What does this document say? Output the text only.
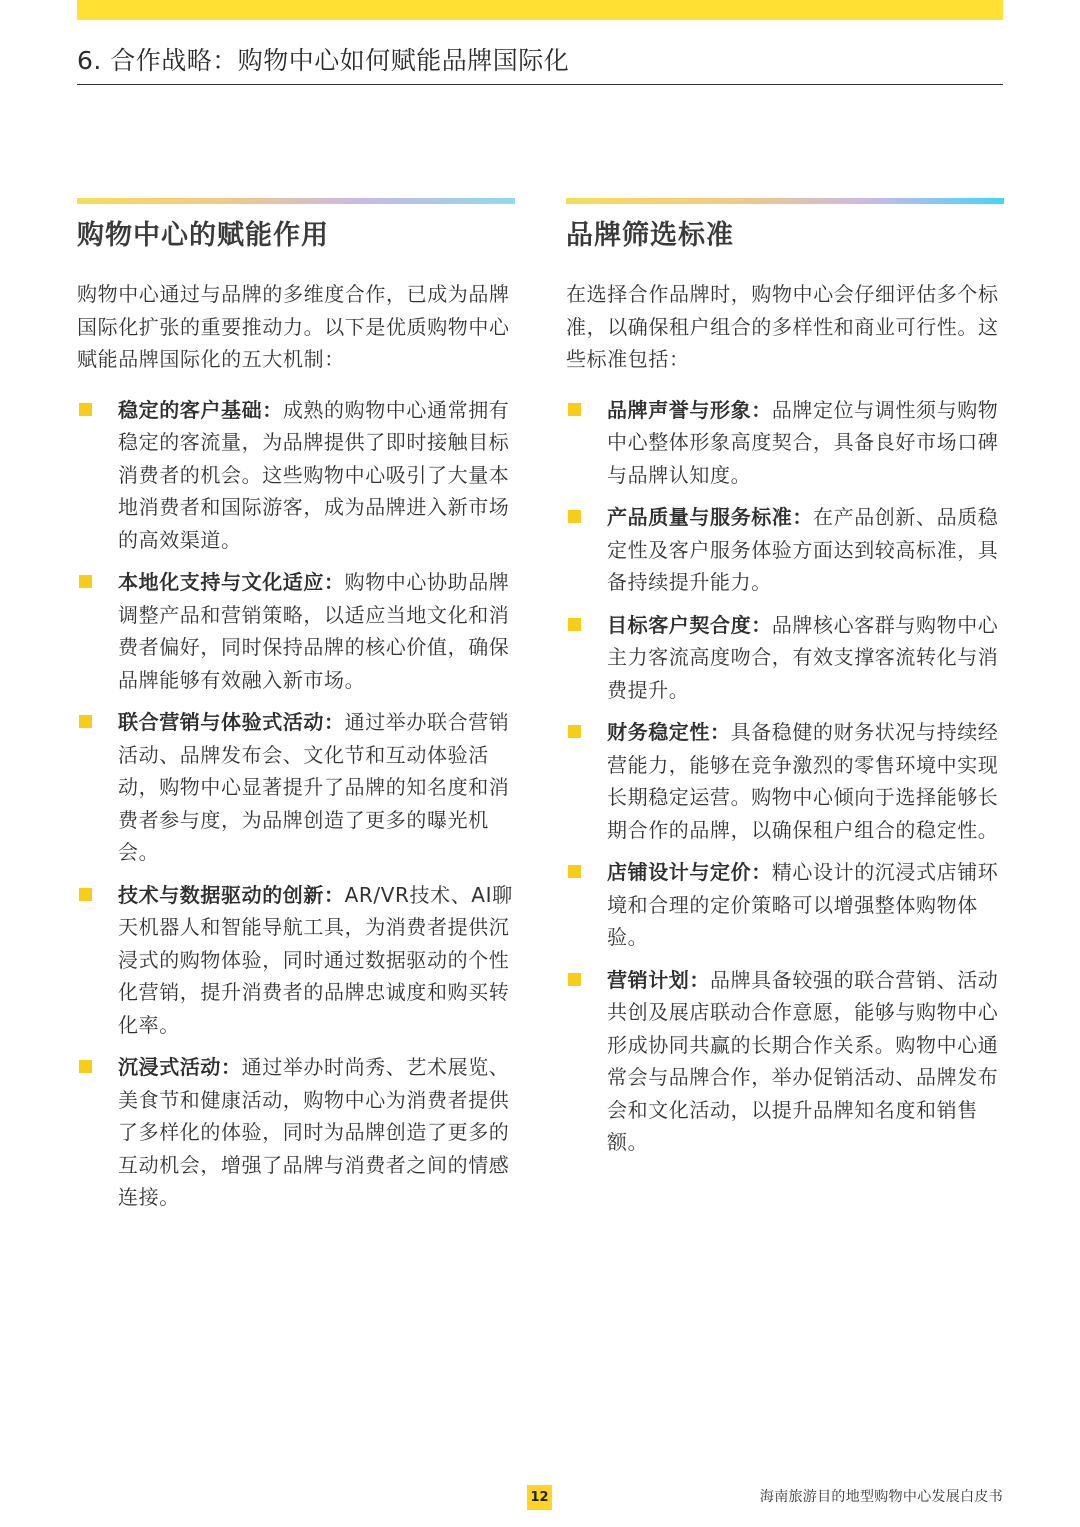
6. 合作战略：购物中心如何赋能品牌国际化
购物中心的赋能作用
购物中心通过与品牌的多维度合作，已成为品牌国际化扩张的重要推动力。以下是优质购物中心赋能品牌国际化的五大机制：
稳定的客户基础：成熟的购物中心通常拥有稳定的客流量，为品牌提供了即时接触目标消费者的机会。这些购物中心吸引了大量本地消费者和国际游客，成为品牌进入新市场的高效渠道。
本地化支持与文化适应：购物中心协助品牌调整产品和营销策略，以适应当地文化和消费者偏好，同时保持品牌的核心价值，确保品牌能够有效融入新市场。
联合营销与体验式活动：通过举办联合营销活动、品牌发布会、文化节和互动体验活动，购物中心显著提升了品牌的知名度和消费者参与度，为品牌创造了更多的曝光机会。
技术与数据驱动的创新：AR/VR技术、AI聊天机器人和智能导航工具，为消费者提供沉浸式的购物体验，同时通过数据驱动的个性化营销，提升消费者的品牌忠诚度和购买转化率。
沉浸式活动：通过举办时尚秀、艺术展览、美食节和健康活动，购物中心为消费者提供了多样化的体验，同时为品牌创造了更多的互动机会，增强了品牌与消费者之间的情感连接。
品牌筛选标准
在选择合作品牌时，购物中心会仔细评估多个标准，以确保租户组合的多样性和商业可行性。这些标准包括：
品牌声誉与形象：品牌定位与调性须与购物中心整体形象高度契合，具备良好市场口碑与品牌认知度。
产品质量与服务标准：在产品创新、品质稳定性及客户服务体验方面达到较高标准，具备持续提升能力。
目标客户契合度：品牌核心客群与购物中心主力客流高度吻合，有效支撑客流转化与消费提升。
财务稳定性：具备稳健的财务状况与持续经营能力，能够在竞争激烈的零售环境中实现长期稳定运营。购物中心倾向于选择能够长期合作的品牌，以确保租户组合的稳定性。
店铺设计与定价：精心设计的沉浸式店铺环境和合理的定价策略可以增强整体购物体验。
营销计划：品牌具备较强的联合营销、活动共创及展店联动合作意愿，能够与购物中心形成协同共赢的长期合作关系。购物中心通常会与品牌合作，举办促销活动、品牌发布会和文化活动，以提升品牌知名度和销售额。
12	海南旅游目的地型购物中心发展白皮书
